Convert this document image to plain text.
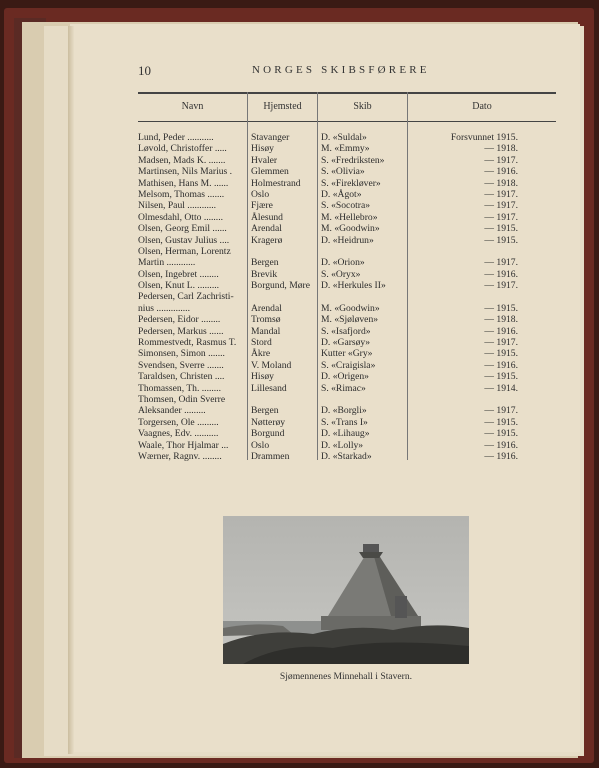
10	NORGES SKIBSFØRERE
Navn	Hjemsted	Skib	Dato
Lund, Peder ...........	Stavanger	D. «Suldal»	Forsvunnet 1915.
Løvold, Christoffer .....	Hisøy	M. «Emmy»	— 1918.
Madsen, Mads K. .......	Hvaler	S. «Fredriksten»	— 1917.
Martinsen, Nils Marius .	Glemmen	S. «Olivia»	— 1916.
Mathisen, Hans M. ......	Holmestrand	S. «Firekløver»	— 1918.
Melsom, Thomas .......	Oslo	D. «Ågot»	— 1917.
Nilsen, Paul ............	Fjære	S. «Socotra»	— 1917.
Olmesdahl, Otto ........	Ålesund	M. «Hellebro»	— 1917.
Olsen, Georg Emil ......	Arendal	M. «Goodwin»	— 1915.
Olsen, Gustav Julius ....	Kragerø	D. «Heidrun»	— 1915.
Olsen, Herman, Lorentz
Martin ............	Bergen	D. «Orion»	— 1917.
Olsen, Ingebret ........	Brevik	S. «Oryx»	— 1916.
Olsen, Knut L. .........	Borgund, Møre	D. «Herkules II»	— 1917.
Pedersen, Carl Zachristi-
nius ..............	Arendal	M. «Goodwin»	— 1915.
Pedersen, Eidor ........	Tromsø	M. «Sjøløven»	— 1918.
Pedersen, Markus ......	Mandal	S. «Isafjord»	— 1916.
Rommestvedt, Rasmus T.	Stord	D. «Garsøy»	— 1917.
Simonsen, Simon .......	Åkre	Kutter «Gry»	— 1915.
Svendsen, Sverre .......	V. Moland	S. «Craigisla»	— 1916.
Taraldsen, Christen ....	Hisøy	D. «Origen»	— 1915.
Thomassen, Th. ........	Lillesand	S. «Rimac»	— 1914.
Thomsen, Odin Sverre
Aleksander .........	Bergen	D. «Borgli»	— 1917.
Torgersen, Ole .........	Nøtterøy	S. «Trans I»	— 1915.
Vaagnes, Edv. ..........	Borgund	D. «Lihaug»	— 1915.
Waale, Thor Hjalmar ...	Oslo	D. «Lolly»	— 1916.
Wærner, Ragnv. ........	Drammen	D. «Starkad»	— 1916.
Sjømennenes Minnehall i Stavern.
